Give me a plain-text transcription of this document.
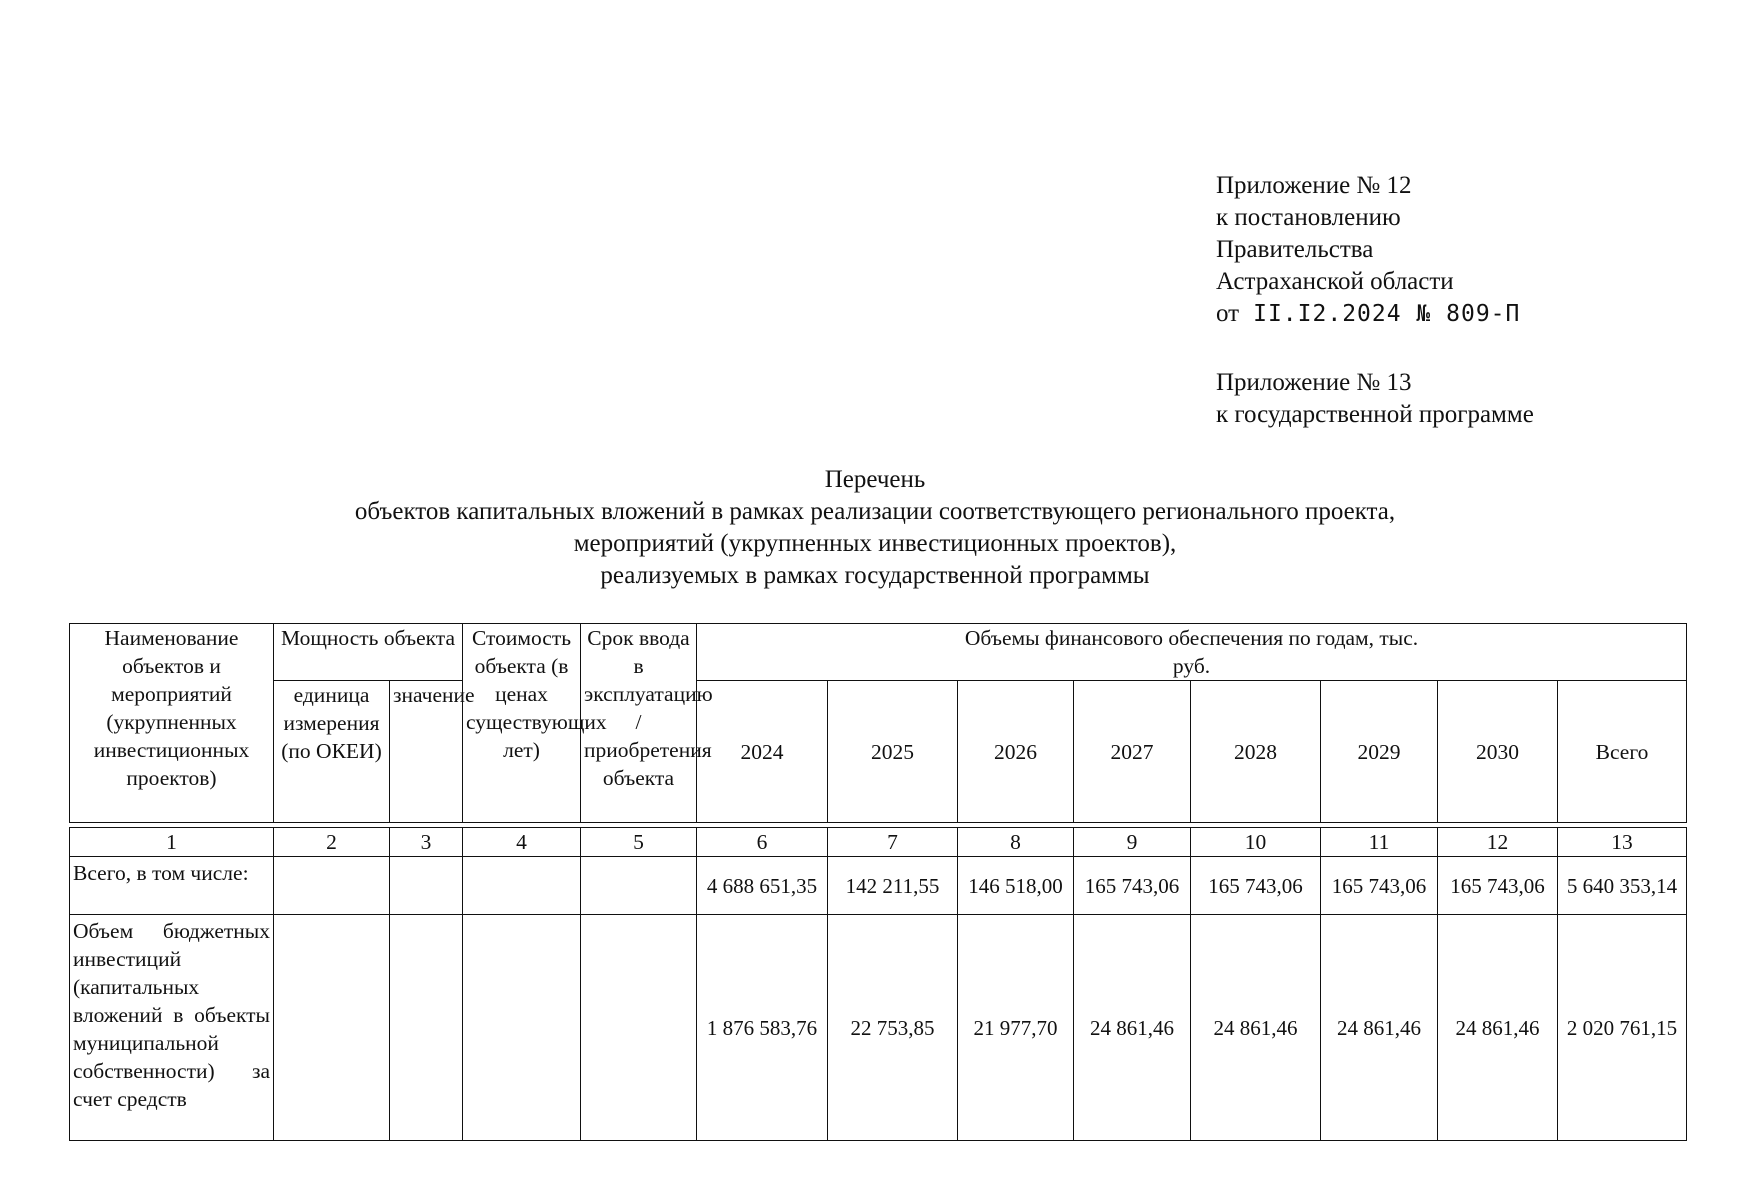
Приложение № 12
к постановлению
Правительства
Астраханской области
от II.I2.2024 № 809-П
Приложение № 13
к государственной программе
Перечень
объектов капитальных вложений в рамках реализации соответствующего регионального проекта,
мероприятий (укрупненных инвестиционных проектов),
реализуемых в рамках государственной программы
Наименование объектов и мероприятий (укрупненных инвестиционных проектов)	Мощность объекта		Стоимость объекта (в ценах существующих лет)	Срок ввода в эксплуатацию / приобретения объекта	Объемы финансового обеспечения по годам, тыс. руб.							
	единица измерения (по ОКЕИ)	значение			2024	2025	2026	2027	2028	2029	2030	Всего

1	2	3	4	5	6	7	8	9	10	11	12	13
Всего, в том числе:					4 688 651,35	142 211,55	146 518,00	165 743,06	165 743,06	165 743,06	165 743,06	5 640 353,14
Объем бюджетных инвестиций (капитальных вложений в объекты муниципальной собственности) за счет средств					1 876 583,76	22 753,85	21 977,70	24 861,46	24 861,46	24 861,46	24 861,46	2 020 761,15
